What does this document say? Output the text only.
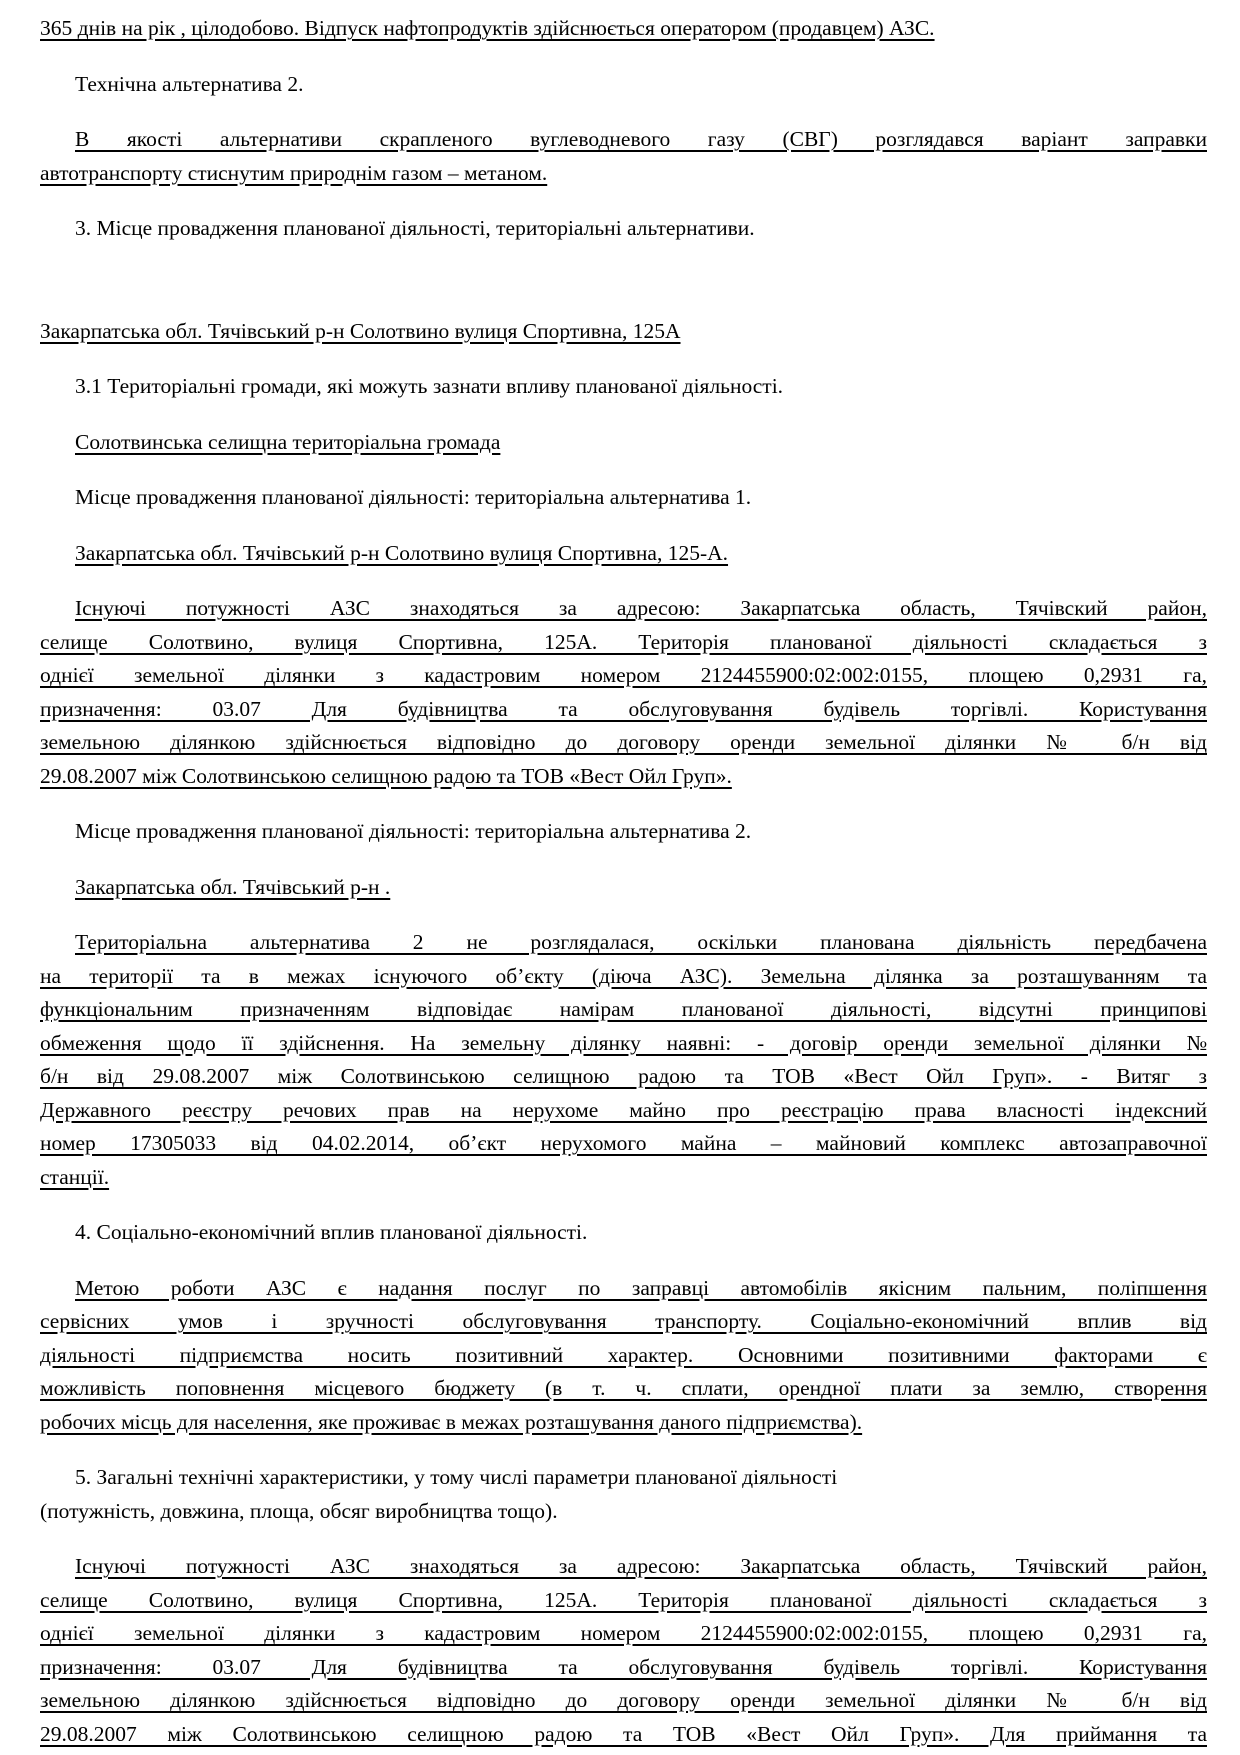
365 днів на рік , цілодобово. Відпуск нафтопродуктів здійснюється оператором (продавцем) АЗС.
Технічна альтернатива 2.
В якості альтернативи скрапленого вуглеводневого газу (СВГ) розглядався варіант заправки
автотранспорту стиснутим природнім газом – метаном.
3. Місце провадження планованої діяльності, територіальні альтернативи.
Закарпатська обл. Тячівський р-н Солотвино вулиця Спортивна, 125А
3.1 Територіальні громади, які можуть зазнати впливу планованої діяльності.
Солотвинська селищна територіальна громада
Місце провадження планованої діяльності: територіальна альтернатива 1.
Закарпатська обл. Тячівський р-н Солотвино вулиця Спортивна, 125-А.
Існуючі потужності АЗС знаходяться за адресою: Закарпатська область, Тячівский район,
селище Солотвино, вулиця Спортивна, 125А. Територія планованої діяльності складається з
однієї земельної ділянки з кадастровим номером 2124455900:02:002:0155, площею 0,2931 га,
призначення: 03.07 Для будівництва та обслуговування будівель торгівлі. Користування
земельною ділянкою здійснюється відповідно до договору оренди земельної ділянки № б/н від
29.08.2007 між Солотвинською селищною радою та ТОВ «Вест Ойл Груп».
Місце провадження планованої діяльності: територіальна альтернатива 2.
Закарпатська обл. Тячівський р-н .
Територіальна альтернатива 2 не розглядалася, оскільки планована діяльність передбачена
на території та в межах існуючого об’єкту (діюча АЗС). Земельна ділянка за розташуванням та
функціональним призначенням відповідає намірам планованої діяльності, відсутні принципові
обмеження щодо її здійснення. На земельну ділянку наявні: - договір оренди земельної ділянки №
б/н від 29.08.2007 між Солотвинською селищною радою та ТОВ «Вест Ойл Груп». - Витяг з
Державного реєстру речових прав на нерухоме майно про реєстрацію права власності індексний
номер 17305033 від 04.02.2014, об’єкт нерухомого майна – майновий комплекс автозаправочної
станції.
4. Соціально-економічний вплив планованої діяльності.
Метою роботи АЗС є надання послуг по заправці автомобілів якісним пальним, поліпшення
сервісних умов і зручності обслуговування транспорту. Соціально-економічний вплив від
діяльності підприємства носить позитивний характер. Основними позитивними факторами є
можливість поповнення місцевого бюджету (в т. ч. сплати, орендної плати за землю, створення
робочих місць для населення, яке проживає в межах розташування даного підприємства).
5. Загальні технічні характеристики, у тому числі параметри планованої діяльності
(потужність, довжина, площа, обсяг виробництва тощо).
Існуючі потужності АЗС знаходяться за адресою: Закарпатська область, Тячівский район,
селище Солотвино, вулиця Спортивна, 125А. Територія планованої діяльності складається з
однієї земельної ділянки з кадастровим номером 2124455900:02:002:0155, площею 0,2931 га,
призначення: 03.07 Для будівництва та обслуговування будівель торгівлі. Користування
земельною ділянкою здійснюється відповідно до договору оренди земельної ділянки № б/н від
29.08.2007 між Солотвинською селищною радою та ТОВ «Вест Ойл Груп». Для приймання та
